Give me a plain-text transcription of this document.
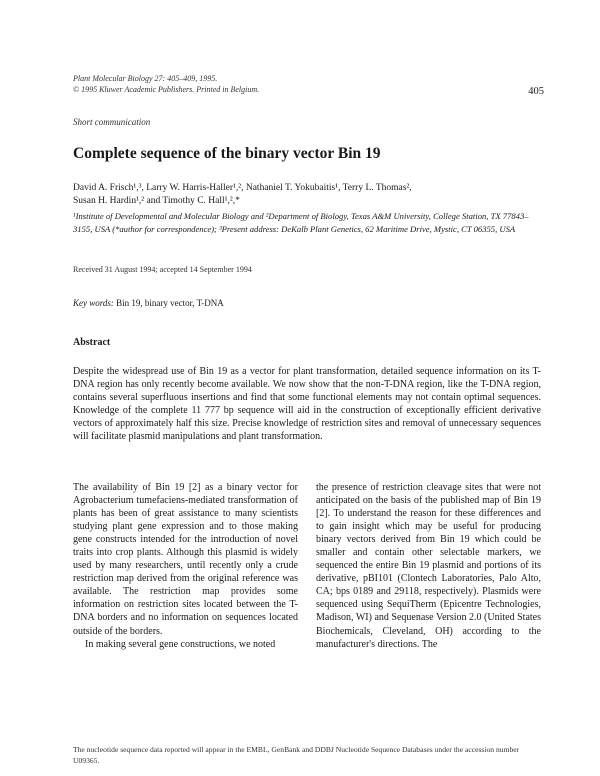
Plant Molecular Biology 27: 405–409, 1995.
© 1995 Kluwer Academic Publishers. Printed in Belgium.	405
Short communication
Complete sequence of the binary vector Bin 19
David A. Frisch¹,³, Larry W. Harris-Haller¹,², Nathaniel T. Yokubaitis¹, Terry L. Thomas²,
Susan H. Hardin¹,² and Timothy C. Hall¹,²,*
¹Institute of Developmental and Molecular Biology and ²Department of Biology, Texas A&M University, College Station, TX 77843–3155, USA (*author for correspondence); ³Present address: DeKalb Plant Genetics, 62 Maritime Drive, Mystic, CT 06355, USA
Received 31 August 1994; accepted 14 September 1994
Key words: Bin 19, binary vector, T-DNA
Abstract
Despite the widespread use of Bin 19 as a vector for plant transformation, detailed sequence information on its T-DNA region has only recently become available. We now show that the non-T-DNA region, like the T-DNA region, contains several superfluous insertions and find that some functional elements may not contain optimal sequences. Knowledge of the complete 11 777 bp sequence will aid in the construction of exceptionally efficient derivative vectors of approximately half this size. Precise knowledge of restriction sites and removal of unnecessary sequences will facilitate plasmid manipulations and plant transformation.

The availability of Bin 19 [2] as a binary vector for Agrobacterium tumefaciens-mediated transformation of plants has been of great assistance to many scientists studying plant gene expression and to those making gene constructs intended for the introduction of novel traits into crop plants. Although this plasmid is widely used by many researchers, until recently only a crude restriction map derived from the original reference was available. The restriction map provides some information on restriction sites located between the T-DNA borders and no information on sequences located outside of the borders.

In making several gene constructions, we noted

the presence of restriction cleavage sites that were not anticipated on the basis of the published map of Bin 19 [2]. To understand the reason for these differences and to gain insight which may be useful for producing binary vectors derived from Bin 19 which could be smaller and contain other selectable markers, we sequenced the entire Bin 19 plasmid and portions of its derivative, pBI101 (Clontech Laboratories, Palo Alto, CA; bps 0189 and 29118, respectively). Plasmids were sequenced using SequiTherm (Epicentre Technologies, Madison, WI) and Sequenase Version 2.0 (United States Biochemicals, Cleveland, OH) according to the manufacturer's directions. The

The nucleotide sequence data reported will appear in the EMBL, GenBank and DDBJ Nucleotide Sequence Databases under the accession number U09365.
